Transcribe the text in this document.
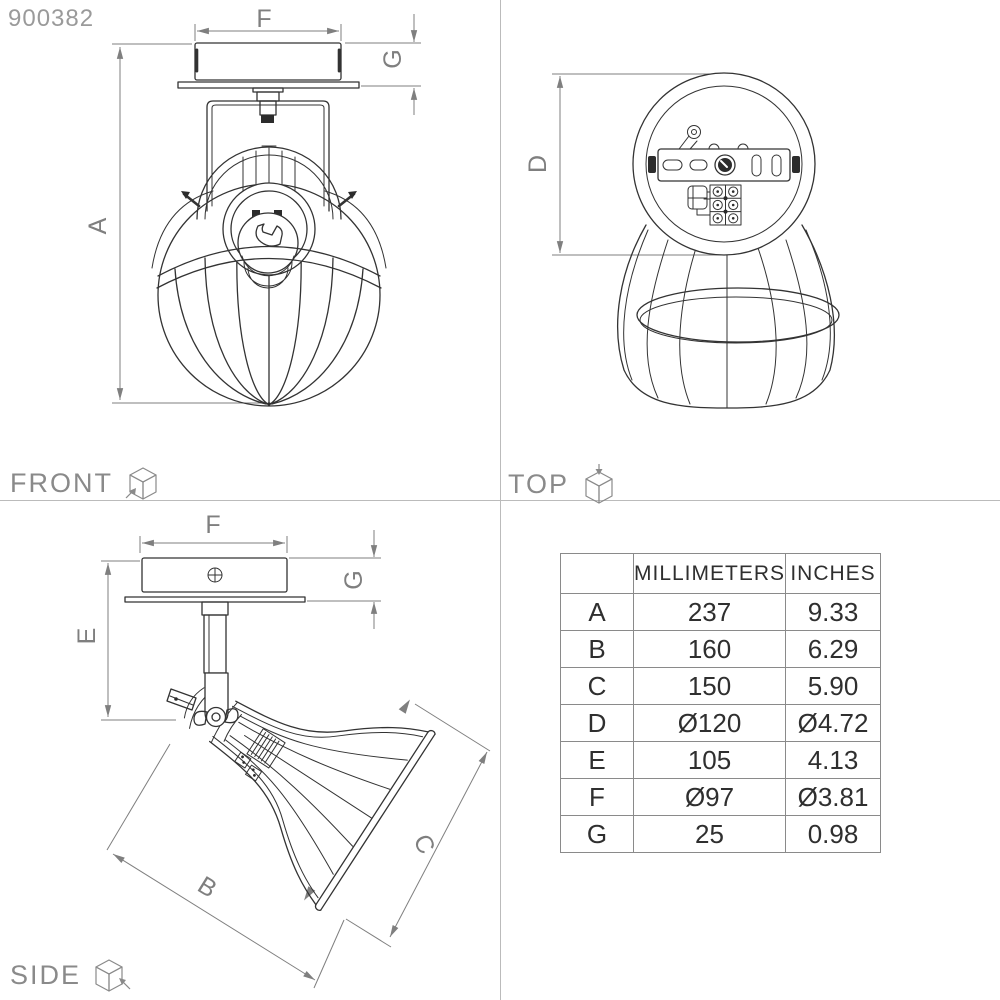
900382	F
A
G
D
F
G
E
B
C
FRONT	TOP
SIDE
	MILLIMETERS	INCHES
A	237	9.33
B	160	6.29
C	150	5.90
D	Ø120	Ø4.72
E	105	4.13
F	Ø97	Ø3.81
G	25	0.98
